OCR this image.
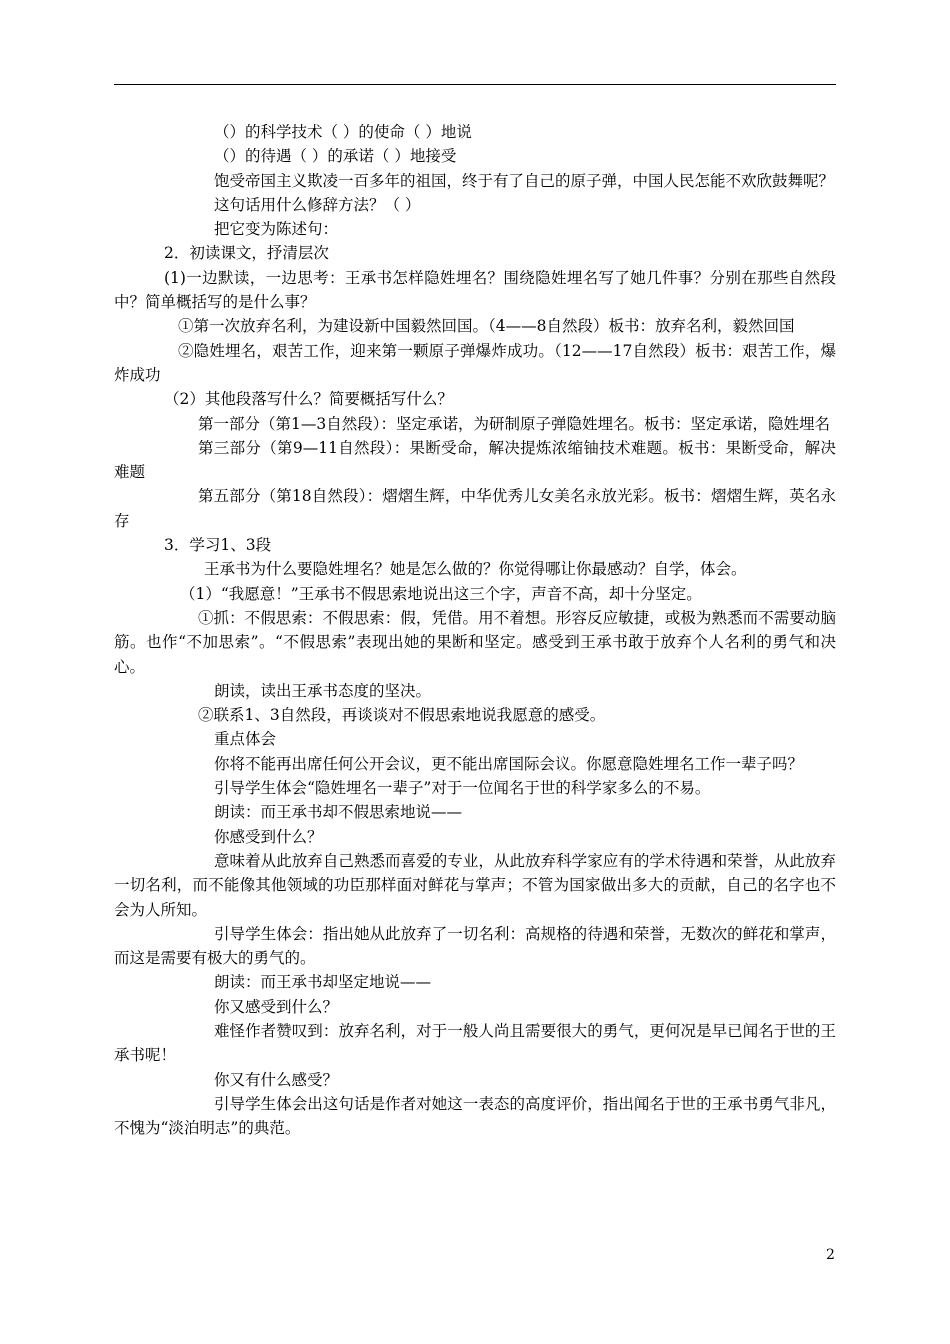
（）的科学技术（ ）的使命（ ）地说

（）的待遇（ ）的承诺（ ）地接受

饱受帝国主义欺凌一百多年的祖国，终于有了自己的原子弹，中国人民怎能不欢欣鼓舞呢？

这句话用什么修辞方法？（ ）

把它变为陈述句：

2．初读课文，抒清层次

(1)一边默读，一边思考：王承书怎样隐姓埋名？围绕隐姓埋名写了她几件事？分别在那些自然段中？简单概括写的是什么事？

①第一次放弃名利，为建设新中国毅然回国。（4——8自然段）板书：放弃名利，毅然回国

②隐姓埋名，艰苦工作，迎来第一颗原子弹爆炸成功。（12——17自然段）板书：艰苦工作，爆炸成功

（2）其他段落写什么？简要概括写什么？

第一部分（第1—3自然段）：坚定承诺，为研制原子弹隐姓埋名。板书：坚定承诺，隐姓埋名

第三部分（第9—11自然段）：果断受命，解决提炼浓缩铀技术难题。板书：果断受命，解决难题

第五部分（第18自然段）：熠熠生辉，中华优秀儿女美名永放光彩。板书：熠熠生辉，英名永存

3．学习1、3段

王承书为什么要隐姓埋名？她是怎么做的？你觉得哪让你最感动？自学，体会。

（1）“我愿意！”王承书不假思索地说出这三个字，声音不高，却十分坚定。

①抓：不假思索：不假思索：假，凭借。用不着想。形容反应敏捷，或极为熟悉而不需要动脑筋。也作“不加思索”。“不假思索”表现出她的果断和坚定。感受到王承书敢于放弃个人名利的勇气和决心。

朗读，读出王承书态度的坚决。

②联系1、3自然段，再谈谈对不假思索地说我愿意的感受。

重点体会

你将不能再出席任何公开会议，更不能出席国际会议。你愿意隐姓埋名工作一辈子吗？

引导学生体会“隐姓埋名一辈子”对于一位闻名于世的科学家多么的不易。

朗读：而王承书却不假思索地说——

你感受到什么？

意味着从此放弃自己熟悉而喜爱的专业，从此放弃科学家应有的学术待遇和荣誉，从此放弃一切名利，而不能像其他领域的功臣那样面对鲜花与掌声；不管为国家做出多大的贡献，自己的名字也不会为人所知。

引导学生体会：指出她从此放弃了一切名利：高规格的待遇和荣誉，无数次的鲜花和掌声，而这是需要有极大的勇气的。

朗读：而王承书却坚定地说——

你又感受到什么？

难怪作者赞叹到：放弃名利，对于一般人尚且需要很大的勇气，更何况是早已闻名于世的王承书呢！

你又有什么感受？

引导学生体会出这句话是作者对她这一表态的高度评价，指出闻名于世的王承书勇气非凡，不愧为“淡泊明志”的典范。

2
